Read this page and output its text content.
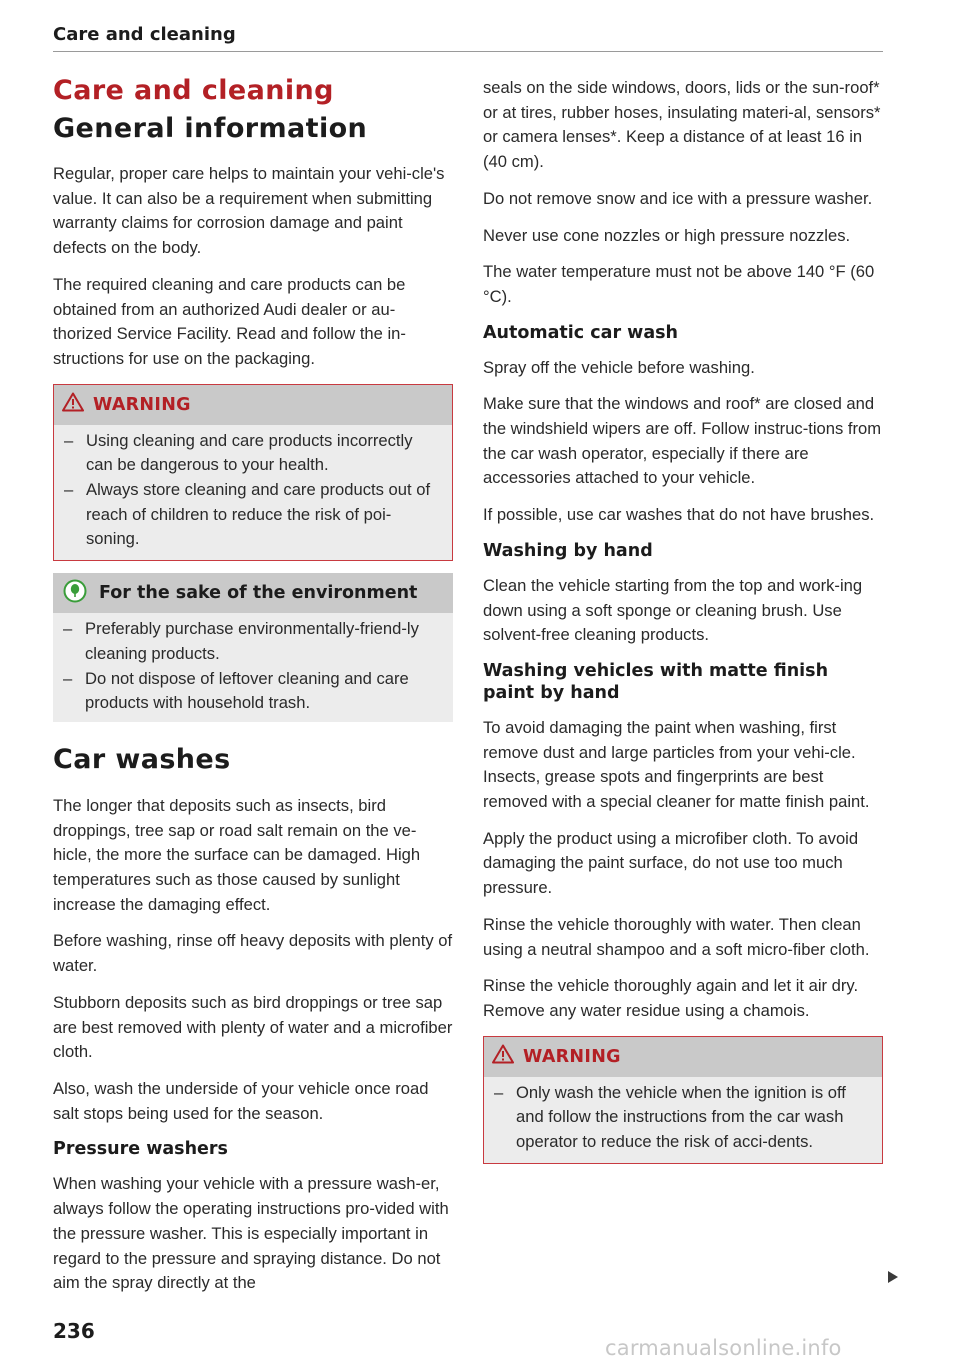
Care and cleaning
Care and cleaning
General information

Regular, proper care helps to maintain your vehi-cle's value. It can also be a requirement when submitting warranty claims for corrosion damage and paint defects on the body.

The required cleaning and care products can be obtained from an authorized Audi dealer or au-thorized Service Facility. Read and follow the in-structions for use on the packaging.

WARNING
– Using cleaning and care products incorrectly can be dangerous to your health.
– Always store cleaning and care products out of reach of children to reduce the risk of poi-soning.
For the sake of the environment
– Preferably purchase environmentally-friend-ly cleaning products.
– Do not dispose of leftover cleaning and care products with household trash.
Car washes

The longer that deposits such as insects, bird droppings, tree sap or road salt remain on the ve-hicle, the more the surface can be damaged. High temperatures such as those caused by sunlight increase the damaging effect.

Before washing, rinse off heavy deposits with plenty of water.

Stubborn deposits such as bird droppings or tree sap are best removed with plenty of water and a microfiber cloth.

Also, wash the underside of your vehicle once road salt stops being used for the season.

Pressure washers

When washing your vehicle with a pressure wash-er, always follow the operating instructions pro-vided with the pressure washer. This is especially important in regard to the pressure and spraying distance. Do not aim the spray directly at the

seals on the side windows, doors, lids or the sun-roof* or at tires, rubber hoses, insulating materi-al, sensors* or camera lenses*. Keep a distance of at least 16 in (40 cm).

Do not remove snow and ice with a pressure washer.

Never use cone nozzles or high pressure nozzles.

The water temperature must not be above 140 °F (60 °C).

Automatic car wash

Spray off the vehicle before washing.

Make sure that the windows and roof* are closed and the windshield wipers are off. Follow instruc-tions from the car wash operator, especially if there are accessories attached to your vehicle.

If possible, use car washes that do not have brushes.

Washing by hand

Clean the vehicle starting from the top and work-ing down using a soft sponge or cleaning brush. Use solvent-free cleaning products.

Washing vehicles with matte finish paint by hand

To avoid damaging the paint when washing, first remove dust and large particles from your vehi-cle. Insects, grease spots and fingerprints are best removed with a special cleaner for matte finish paint.

Apply the product using a microfiber cloth. To avoid damaging the paint surface, do not use too much pressure.

Rinse the vehicle thoroughly with water. Then clean using a neutral shampoo and a soft micro-fiber cloth.

Rinse the vehicle thoroughly again and let it air dry. Remove any water residue using a chamois.

WARNING
– Only wash the vehicle when the ignition is off and follow the instructions from the car wash operator to reduce the risk of acci-dents.
236
carmanualsonline.info
